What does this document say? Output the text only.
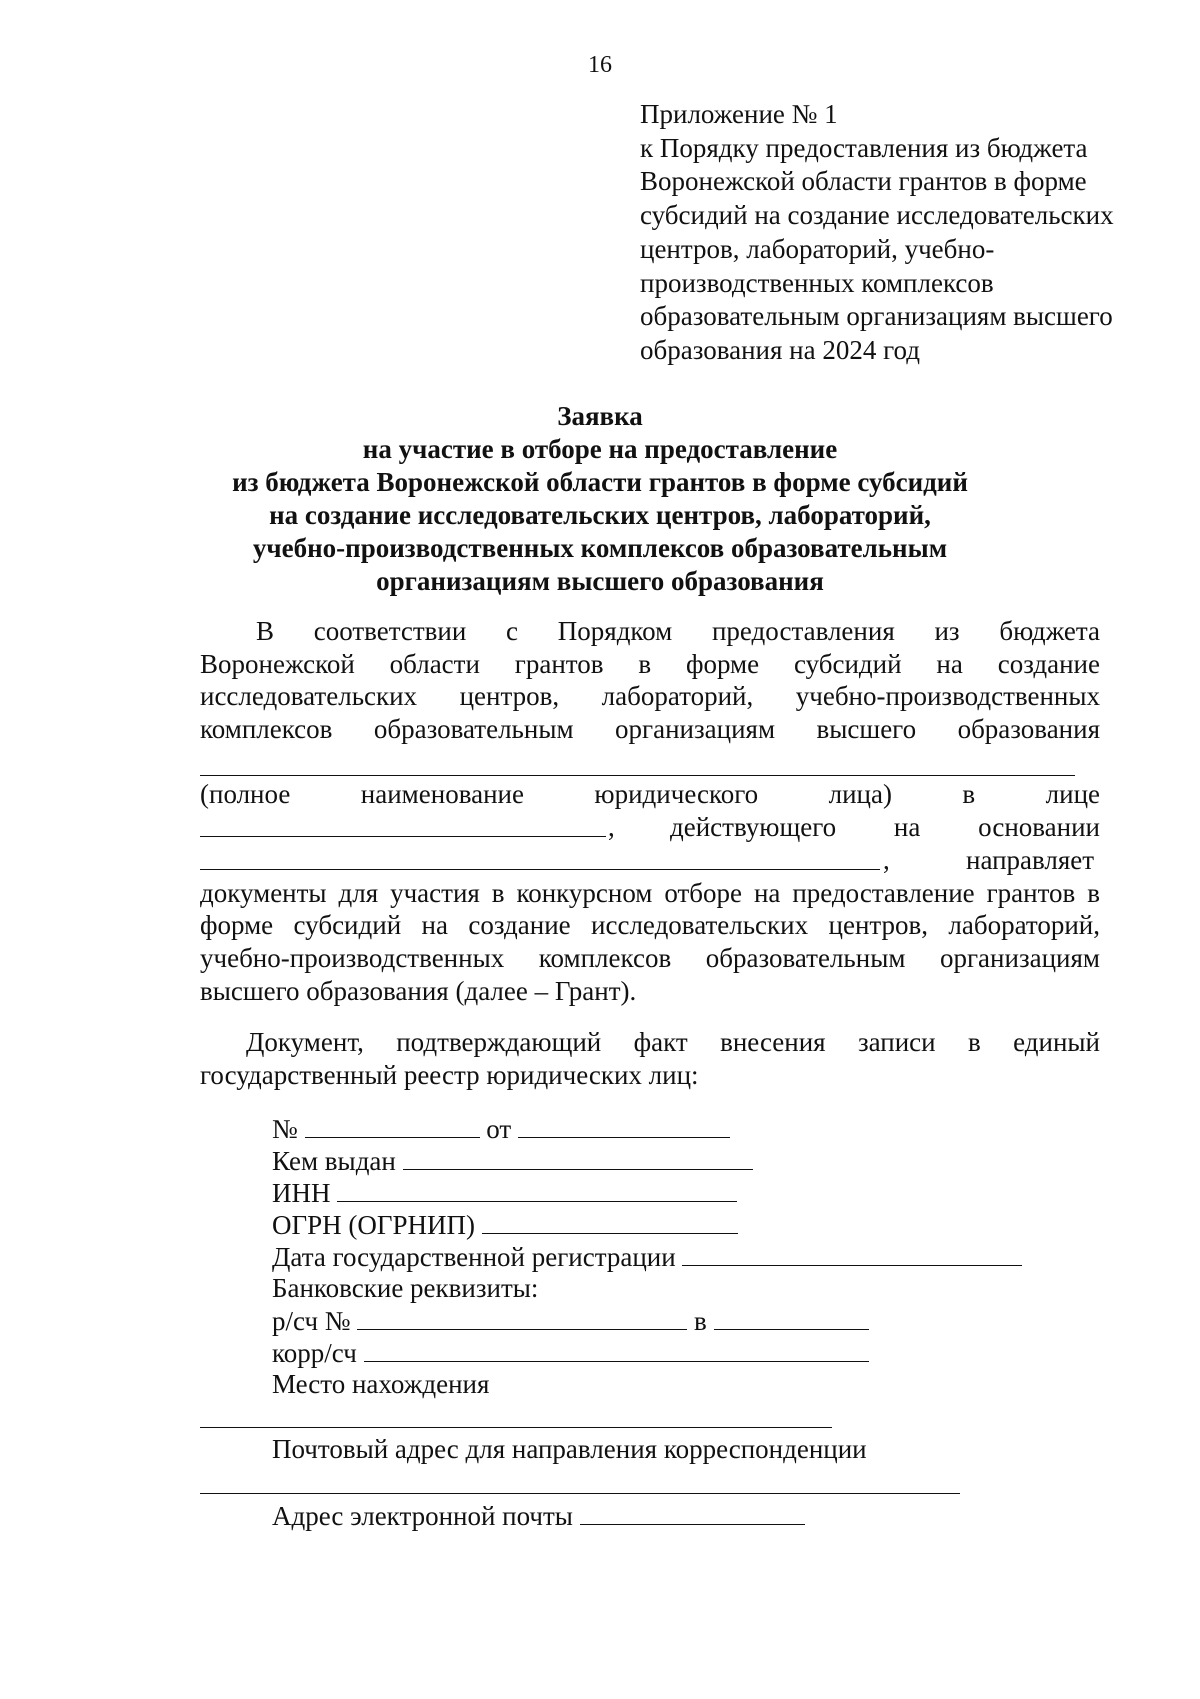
16
Приложение № 1
к Порядку предоставления из бюджета
Воронежской области грантов в форме
субсидий на создание исследовательских
центров, лабораторий, учебно-
производственных комплексов
образовательным организациям высшего
образования на 2024 год
Заявка
на участие в отборе на предоставление
из бюджета Воронежской области грантов в форме субсидий
на создание исследовательских центров, лабораторий,
учебно-производственных комплексов образовательным
организациям высшего образования
В соответствии с Порядком предоставления из бюджета
Воронежской области грантов в форме субсидий на создание
исследовательских центров, лабораторий, учебно-производственных
комплексов образовательным организациям высшего образования
(полное наименование юридического лица) в лице
, действующего на основании
,	направляет
документы для участия в конкурсном отборе на предоставление грантов в
форме субсидий на создание исследовательских центров, лабораторий,
учебно-производственных комплексов образовательным организациям
высшего образования (далее – Грант).
Документ, подтверждающий факт внесения записи в единый
государственный реестр юридических лиц:
№	от
Кем выдан
ИНН
ОГРН (ОГРНИП)
Дата государственной регистрации
Банковские реквизиты:
р/сч №	в
корр/сч
Место нахождения
Почтовый адрес для направления корреспонденции
Адрес электронной почты
